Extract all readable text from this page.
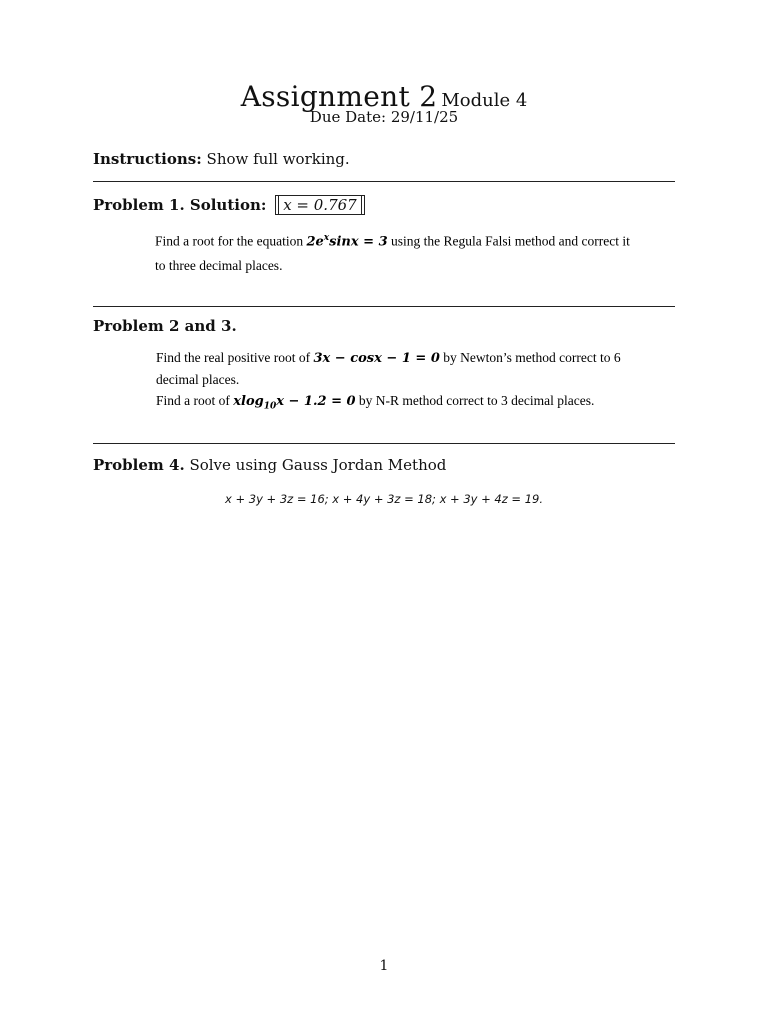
Assignment 2 Module 4
Due Date: 29/11/25
Instructions: Show full working.
Problem 1. Solution: x = 0.767
Find a root for the equation $2e^x\sin x = 3$ using the Regula Falsi method and correct it
to three decimal places.
Problem 2 and 3.
Find the real positive root of 3x − cosx − 1 = 0 by Newton’s method correct to 6
decimal places.
Find a root of xlog$_{10}$x − 1.2 = 0 by N-R method correct to 3 decimal places.
Problem 4. Solve using Gauss Jordan Method
x + 3y + 3z = 16; x + 4y + 3z = 18; x + 3y + 4z = 19.
1
